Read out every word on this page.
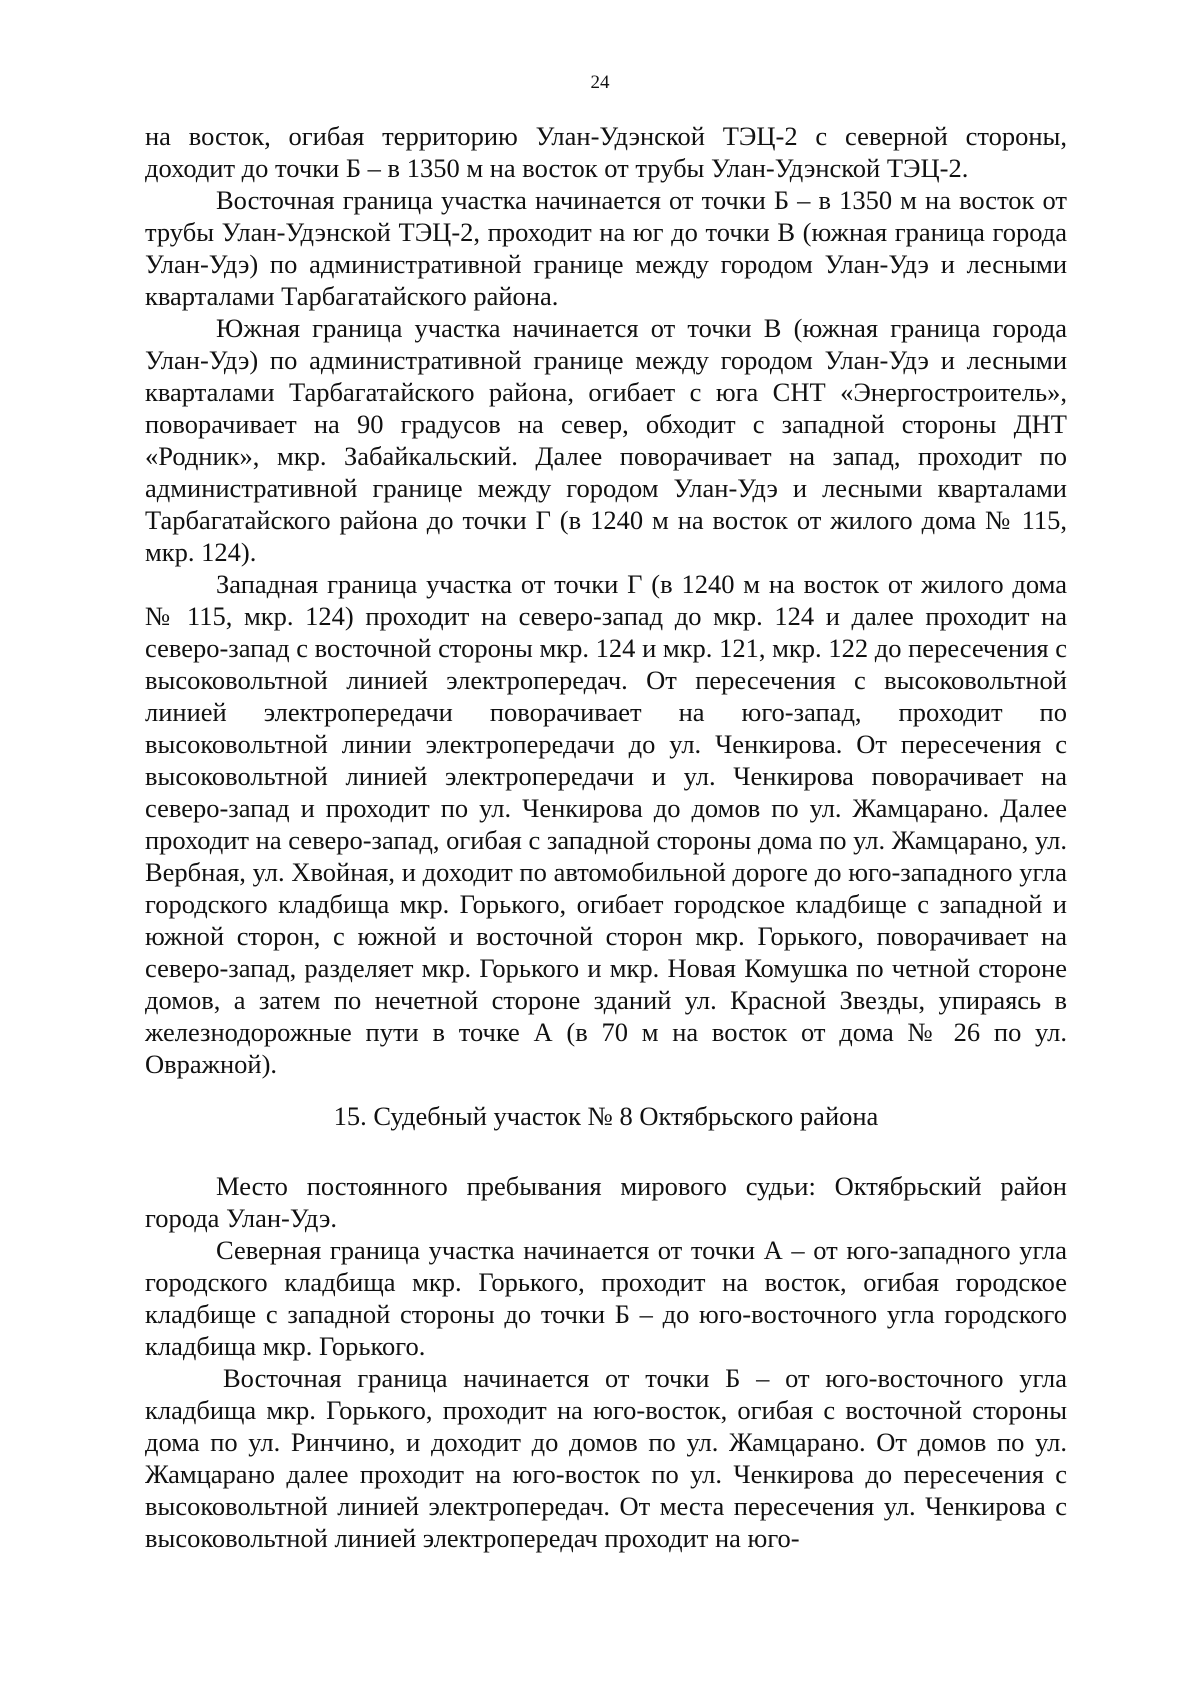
24

на восток, огибая территорию Улан-Удэнской ТЭЦ-2 с северной стороны, доходит до точки Б – в 1350 м на восток от трубы Улан-Удэнской ТЭЦ-2.

Восточная граница участка начинается от точки Б – в 1350 м на восток от трубы Улан-Удэнской ТЭЦ-2, проходит на юг до точки В (южная граница города Улан-Удэ) по административной границе между городом Улан-Удэ и лесными кварталами Тарбагатайского района.

Южная граница участка начинается от точки В (южная граница города Улан-Удэ) по административной границе между городом Улан-Удэ и лесными кварталами Тарбагатайского района, огибает с юга СНТ «Энергостроитель», поворачивает на 90 градусов на север, обходит с западной стороны ДНТ «Родник», мкр. Забайкальский. Далее поворачивает на запад, проходит по административной границе между городом Улан-Удэ и лесными кварталами Тарбагатайского района до точки Г (в 1240 м на восток от жилого дома № 115, мкр. 124).

Западная граница участка от точки Г (в 1240 м на восток от жилого дома № 115, мкр. 124) проходит на северо-запад до мкр. 124 и далее проходит на северо-запад с восточной стороны мкр. 124 и мкр. 121, мкр. 122 до пересечения с высоковольтной линией электропередач. От пересечения с высоковольтной линией электропередачи поворачивает на юго-запад, проходит по высоковольтной линии электропередачи до ул. Ченкирова. От пересечения с высоковольтной линией электропередачи и ул. Ченкирова поворачивает на северо-запад и проходит по ул. Ченкирова до домов по ул. Жамцарано. Далее проходит на северо-запад, огибая с западной стороны дома по ул. Жамцарано, ул. Вербная, ул. Хвойная, и доходит по автомобильной дороге до юго-западного угла городского кладбища мкр. Горького, огибает городское кладбище с западной и южной сторон, с южной и восточной сторон мкр. Горького, поворачивает на северо-запад, разделяет мкр. Горького и мкр. Новая Комушка по четной стороне домов, а затем по нечетной стороне зданий ул. Красной Звезды, упираясь в железнодорожные пути в точке А (в 70 м на восток от дома № 26 по ул. Овражной).

15. Судебный участок № 8 Октябрьского района

Место постоянного пребывания мирового судьи: Октябрьский район города Улан-Удэ.

Северная граница участка начинается от точки А – от юго-западного угла городского кладбища мкр. Горького, проходит на восток, огибая городское кладбище с западной стороны до точки Б – до юго-восточного угла городского кладбища мкр. Горького.

Восточная граница начинается от точки Б – от юго-восточного угла кладбища мкр. Горького, проходит на юго-восток, огибая с восточной стороны дома по ул. Ринчино, и доходит до домов по ул. Жамцарано. От домов по ул. Жамцарано далее проходит на юго-восток по ул. Ченкирова до пересечения с высоковольтной линией электропередач. От места пересечения ул. Ченкирова с высоковольтной линией электропередач проходит на юго-
